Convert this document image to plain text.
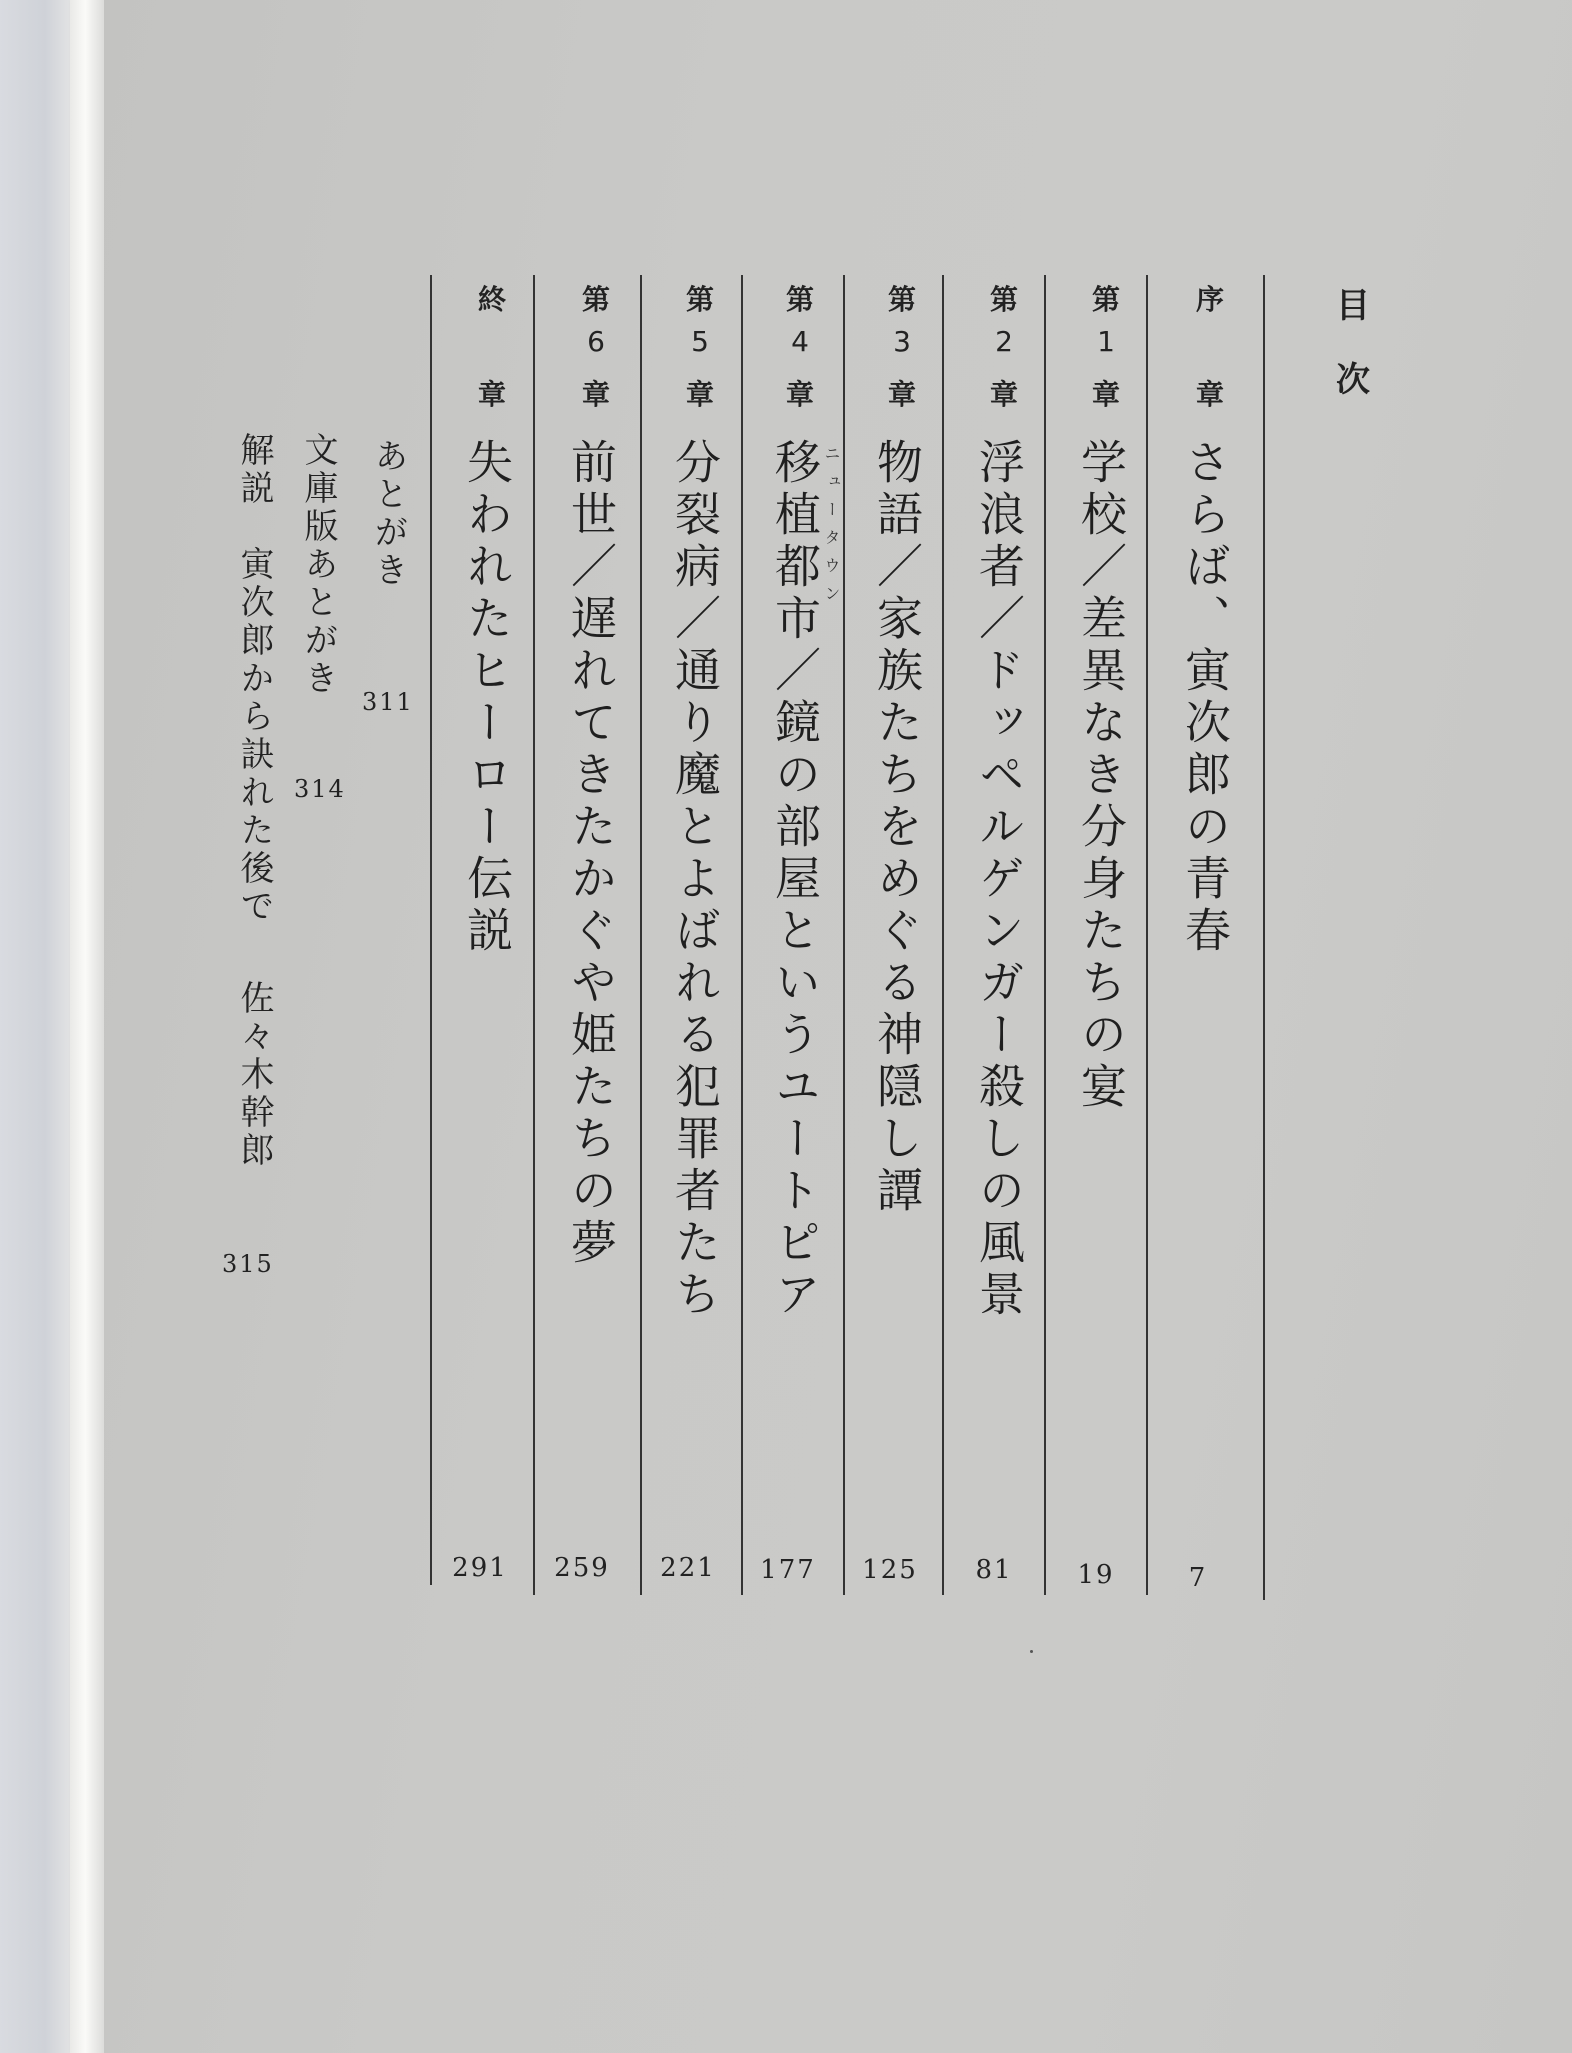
目
次
序
章
さらば、寅次郎の青春
7
第
1
章
学校／差異なき分身たちの宴
19
第
2
章
浮浪者／ドッペルゲンガー殺しの風景
81
第
3
章
物語／家族たちをめぐる神隠し譚
125
第
4
章
ニュータウン
移植都市／鏡の部屋というユートピア
177
第
5
章
分裂病／通り魔とよばれる犯罪者たち
221
第
6
章
前世／遅れてきたかぐや姫たちの夢
259
終
章
失われたヒーロー伝説
291
あとがき
311
文庫版あとがき
314
解説　寅次郎から訣れた後で
佐々木幹郎
315
